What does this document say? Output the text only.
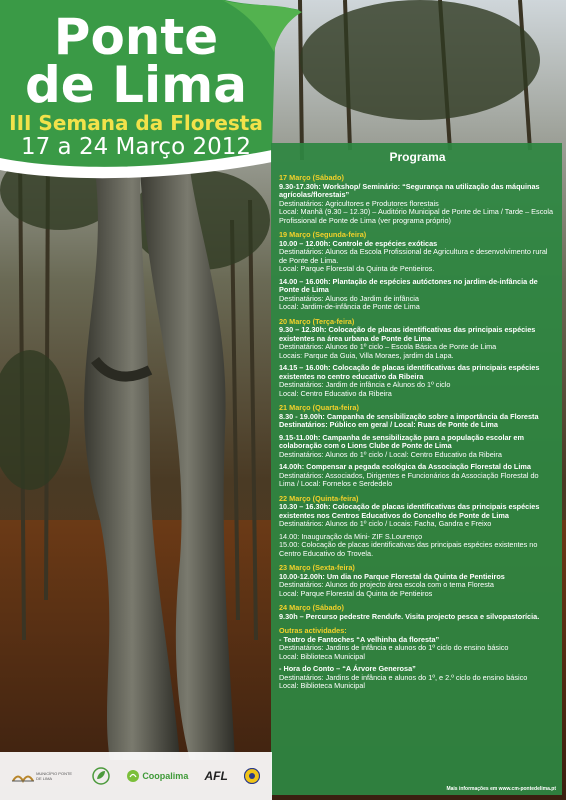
Ponte
de Lima
III Semana da Floresta
17 a 24 Março 2012	Programa
17 Março (Sábado)
9.30-17.30h: Workshop/ Seminário: “Segurança na utilização das máquinas agrícolas/florestais”
Destinatários: Agricultores e Produtores florestais
Local: Manhã (9.30 – 12.30) – Auditório Municipal de Ponte de Lima / Tarde – Escola Profissional de Ponte de Lima (ver programa próprio)
19 Março (Segunda-feira)
10.00 – 12.00h: Controle de espécies exóticas
Destinatários: Alunos da Escola Profissional de Agricultura e desenvolvimento rural de Ponte de Lima.
Local: Parque Florestal da Quinta de Pentieiros.
14.00 – 16.00h: Plantação de espécies autóctones no jardim-de-infância de Ponte de Lima
Destinatários: Alunos do Jardim de infância
Local: Jardim-de-infância de Ponte de Lima
20 Março (Terça-feira)
9.30 – 12.30h: Colocação de placas identificativas das principais espécies existentes na área urbana de Ponte de Lima
Destinatários: Alunos do 1º ciclo – Escola Básica de Ponte de Lima
Locais: Parque da Guia, Villa Moraes, jardim da Lapa.
14.15 – 16.00h: Colocação de placas identificativas das principais espécies existentes no centro educativo da Ribeira
Destinatários: Jardim de infância e Alunos do 1º ciclo
Local: Centro Educativo da Ribeira
21 Março (Quarta-feira)
8.30 - 19.00h: Campanha de sensibilização sobre a importância da Floresta
Destinatários: Público em geral / Local: Ruas de Ponte de Lima
9.15-11.00h: Campanha de sensibilização para a população escolar em colaboração com o Lions Clube de Ponte de Lima
Destinatários: Alunos do 1º ciclo / Local: Centro Educativo da Ribeira
14.00h: Compensar a pegada ecológica da Associação Florestal do Lima
Destinatários: Associados, Dirigentes e Funcionários da Associação Florestal do Lima / Local: Fornelos e Serdedelo
22 Março (Quinta-feira)
10.30 – 16.30h: Colocação de placas identificativas das principais espécies existentes nos Centros Educativos do Concelho de Ponte de Lima
Destinatários: Alunos do 1º ciclo / Locais: Facha, Gandra e Freixo
14.00: Inauguração da Mini- ZIF S.Lourenço
15.00: Colocação de placas identificativas das principais espécies existentes no Centro Educativo do Trovela.
23 Março (Sexta-feira)
10.00-12.00h: Um dia no Parque Florestal da Quinta de Pentieiros
Destinatários: Alunos do projecto área escola com o tema Floresta
Local: Parque Florestal da Quinta de Pentieiros
24 Março (Sábado)
9.30h – Percurso pedestre Rendufe. Visita projecto pesca e silvopastorícia.
Outras actividades:
- Teatro de Fantoches “A velhinha da floresta”
Destinatários: Jardins de infância e alunos do 1º ciclo do ensino básico
Local: Biblioteca Municipal
- Hora do Conto – “A Árvore Generosa”
Destinatários: Jardins de infância e alunos do 1º, e 2.º ciclo do ensino básico
Local: Biblioteca Municipal
Mais informações em www.cm-pontedelima.pt
MUNICÍPIO PONTE DE LIMA	Coopalima AFL
